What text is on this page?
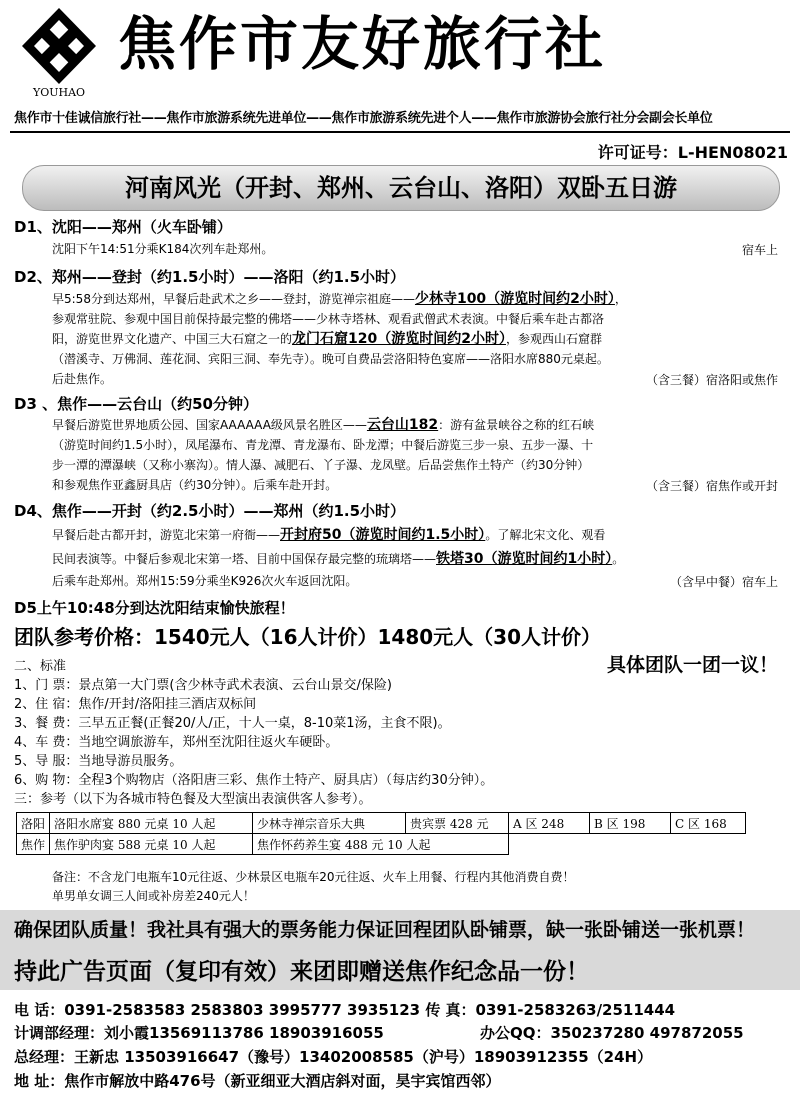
YOUHAO
焦作市友好旅行社
焦作市十佳诚信旅行社——焦作市旅游系统先进单位——焦作市旅游系统先进个人——焦作市旅游协会旅行社分会副会长单位
许可证号：L-HEN08021
河南风光（开封、郑州、云台山、洛阳）双卧五日游
D1、沈阳——郑州（火车卧铺）
沈阳下午14:51分乘K184次列车赴郑州。	宿车上
D2、郑州——登封（约1.5小时）——洛阳（约1.5小时）
早5:58分到达郑州，早餐后赴武术之乡——登封，游览禅宗祖庭——少林寺100（游览时间约2小时），
参观常驻院、参观中国目前保持最完整的佛塔——少林寺塔林、观看武僧武术表演。中餐后乘车赴古都洛
阳，游览世界文化遗产、中国三大石窟之一的龙门石窟120（游览时间约2小时），参观西山石窟群
（潜溪寺、万佛洞、莲花洞、宾阳三洞、奉先寺）。晚可自费品尝洛阳特色宴席——洛阳水席880元桌起。
后赴焦作。	（含三餐）宿洛阳或焦作
D3 、焦作——云台山（约50分钟）
早餐后游览世界地质公园、国家AAAAAA级风景名胜区——云台山182：游有盆景峡谷之称的红石峡
（游览时间约1.5小时），凤尾瀑布、青龙潭、青龙瀑布、卧龙潭；中餐后游览三步一泉、五步一瀑、十
步一潭的潭瀑峡（又称小寨沟）。情人瀑、减肥石、丫子瀑、龙凤壁。后品尝焦作土特产（约30分钟）
和参观焦作亚鑫厨具店（约30分钟）。后乘车赴开封。	（含三餐）宿焦作或开封
D4、焦作——开封（约2.5小时）——郑州（约1.5小时）
早餐后赴古都开封，游览北宋第一府衙——开封府50（游览时间约1.5小时）。了解北宋文化、观看
民间表演等。中餐后参观北宋第一塔、目前中国保存最完整的琉璃塔——铁塔30（游览时间约1小时）。
后乘车赴郑州。郑州15:59分乘坐K926次火车返回沈阳。	（含早中餐）宿车上
D5上午10:48分到达沈阳结束愉快旅程！
团队参考价格：1540元人（16人计价）1480元人（30人计价）
具体团队一团一议！
二、标准
1、门 票：景点第一大门票(含少林寺武术表演、云台山景交/保险)
2、住 宿：焦作/开封/洛阳挂三酒店双标间
3、餐 费：三早五正餐(正餐20/人/正，十人一桌，8-10菜1汤，主食不限)。
4、车 费：当地空调旅游车，郑州至沈阳往返火车硬卧。
5、导 服：当地导游员服务。
6、购 物：全程3个购物店（洛阳唐三彩、焦作土特产、厨具店）（每店约30分钟）。
三：参考（以下为各城市特色餐及大型演出表演供客人参考）。
洛阳	洛阳水席宴 880 元桌 10 人起	少林寺禅宗音乐大典	贵宾票 428 元	A 区 248	B 区 198	C 区 168
焦作	焦作驴肉宴 588 元桌 10 人起	焦作怀药养生宴 488 元 10 人起				
备注：不含龙门电瓶车10元往返、少林景区电瓶车20元往返、火车上用餐、行程内其他消费自费！
单男单女调三人间或补房差240元人！
确保团队质量！我社具有强大的票务能力保证回程团队卧铺票，缺一张卧铺送一张机票！
持此广告页面（复印有效）来团即赠送焦作纪念品一份！
电 话：0391-2583583 2583803 3995777 3935123 传 真：0391-2583263/2511444
计调部经理：刘小霞13569113786 18903916055	办公QQ：350237280 497872055
总经理：王新忠 13503916647（豫号）13402008585（沪号）18903912355（24H）
地 址：焦作市解放中路476号（新亚细亚大酒店斜对面，昊宇宾馆西邻）
